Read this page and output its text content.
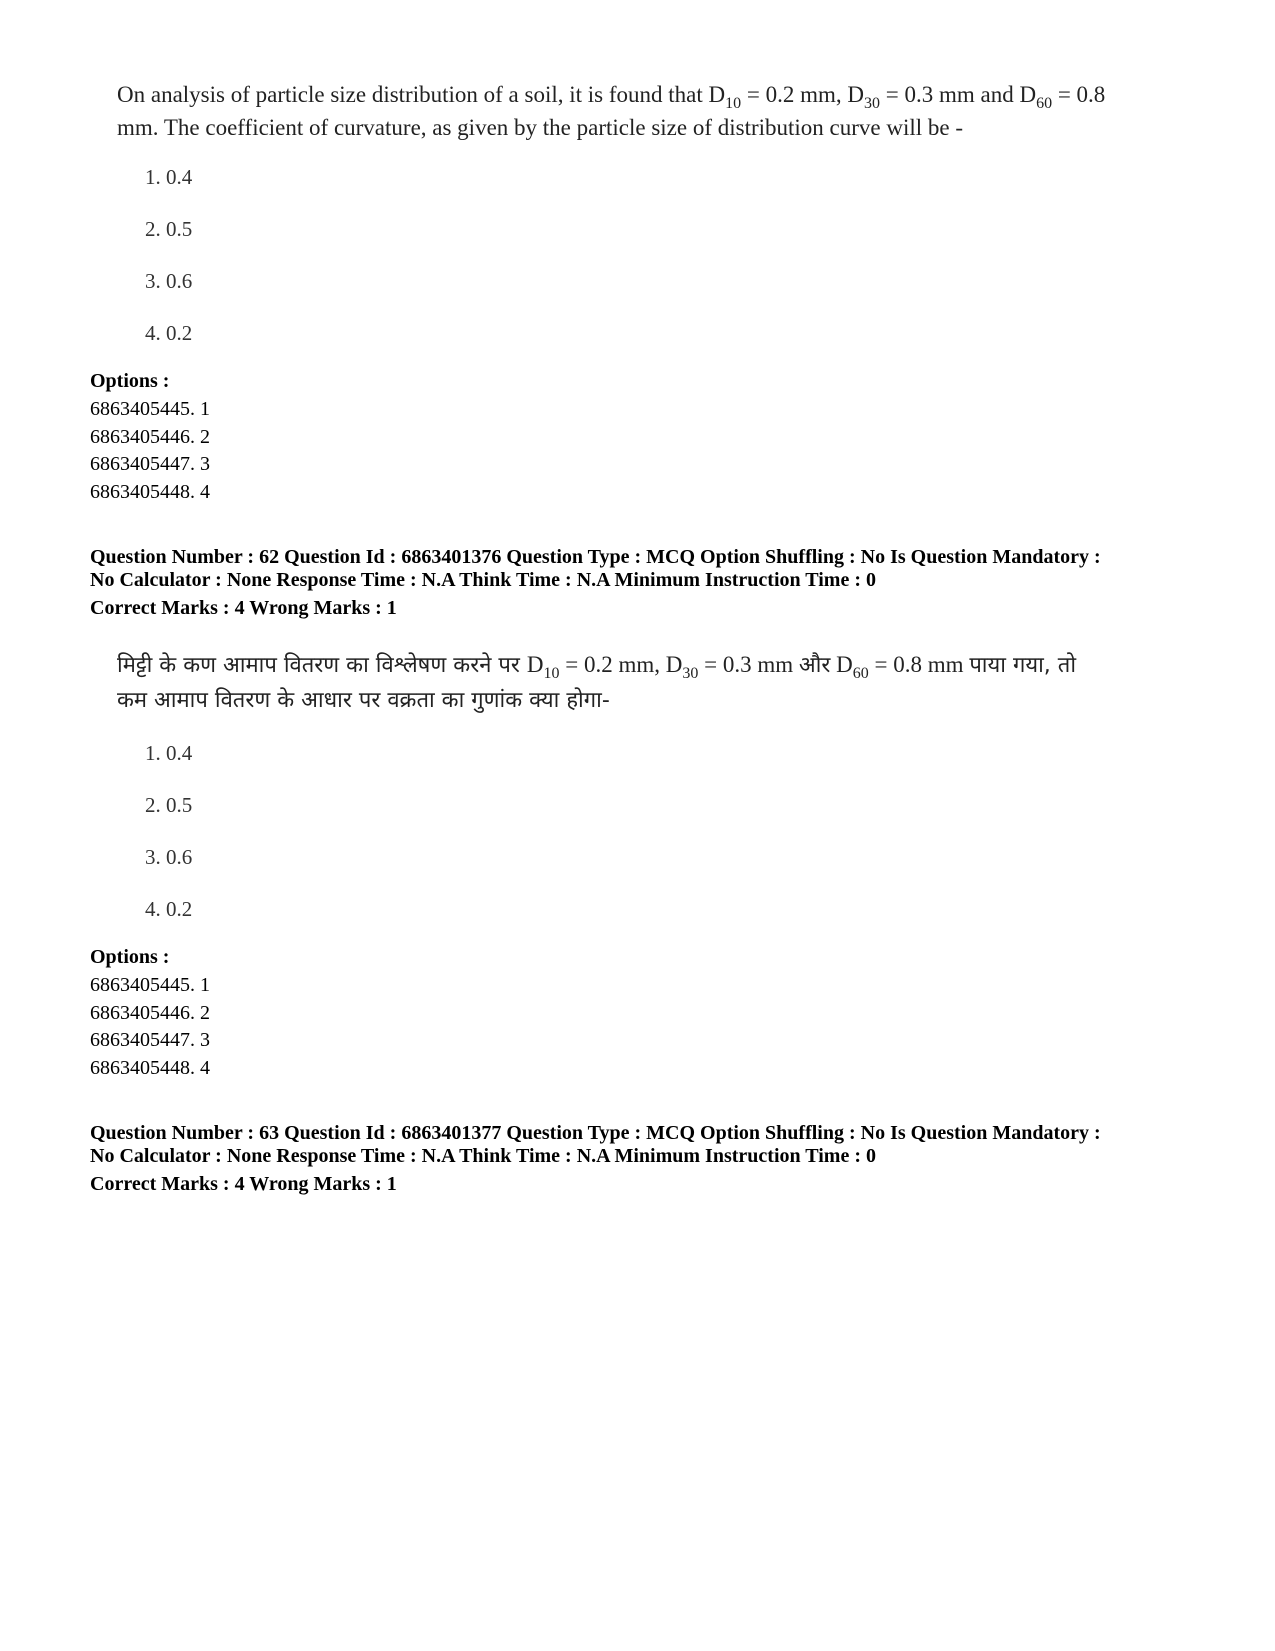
On analysis of particle size distribution of a soil, it is found that $D_{10} = 0.2$ mm, $D_{30} = 0.3$ mm and $D_{60} = 0.8$
mm. The coefficient of curvature, as given by the particle size of distribution curve will be -
1. 0.4
2. 0.5
3. 0.6
4. 0.2
Options :
6863405445. 1
6863405446. 2
6863405447. 3
6863405448. 4
Question Number : 62 Question Id : 6863401376 Question Type : MCQ Option Shuffling : No Is Question Mandatory :
No Calculator : None Response Time : N.A Think Time : N.A Minimum Instruction Time : 0
Correct Marks : 4 Wrong Marks : 1
मिट्टी के कण आमाप वितरण का विश्लेषण करने पर $D_{10} = 0.2$ mm, $D_{30} = 0.3$ mm और $D_{60} = 0.8$ mm पाया गया, तो
कम आमाप वितरण के आधार पर वक्रता का गुणांक क्या होगा-
1. 0.4
2. 0.5
3. 0.6
4. 0.2
Options :
6863405445. 1
6863405446. 2
6863405447. 3
6863405448. 4
Question Number : 63 Question Id : 6863401377 Question Type : MCQ Option Shuffling : No Is Question Mandatory :
No Calculator : None Response Time : N.A Think Time : N.A Minimum Instruction Time : 0
Correct Marks : 4 Wrong Marks : 1
